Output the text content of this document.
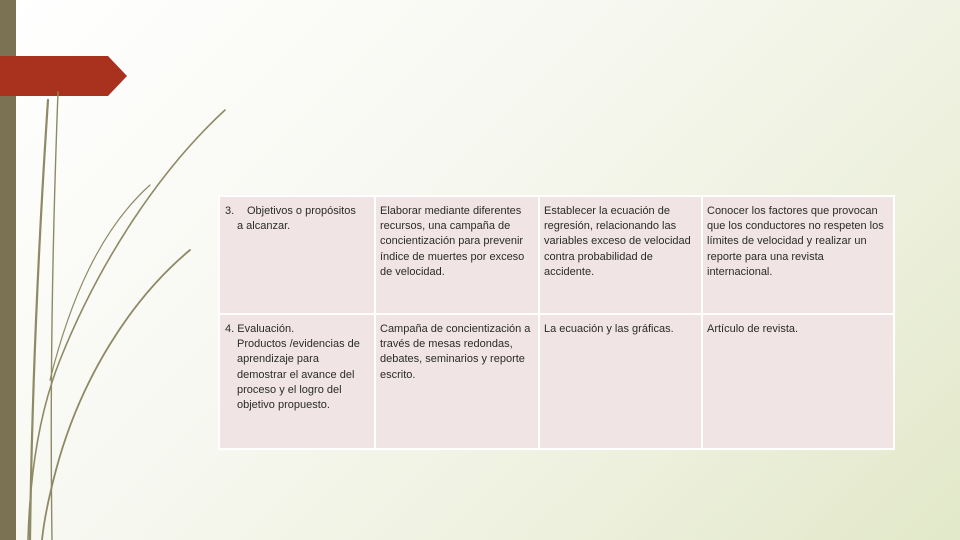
3. Objetivos o propósitos
a alcanzar.	Elaborar mediante diferentes recursos, una campaña de concientización para prevenir índice de muertes por exceso de velocidad.	Establecer la ecuación de regresión, relacionando las variables exceso de velocidad contra probabilidad de accidente.	Conocer los factores que provocan que los conductores no respeten los límites de velocidad y realizar un reporte para una revista internacional.

4. Evaluación.
Productos /evidencias de aprendizaje para demostrar el avance del proceso y el logro del objetivo propuesto.	Campaña de concientización a través de mesas redondas, debates, seminarios y reporte escrito.	La ecuación y las gráficas.	Artículo de revista.
